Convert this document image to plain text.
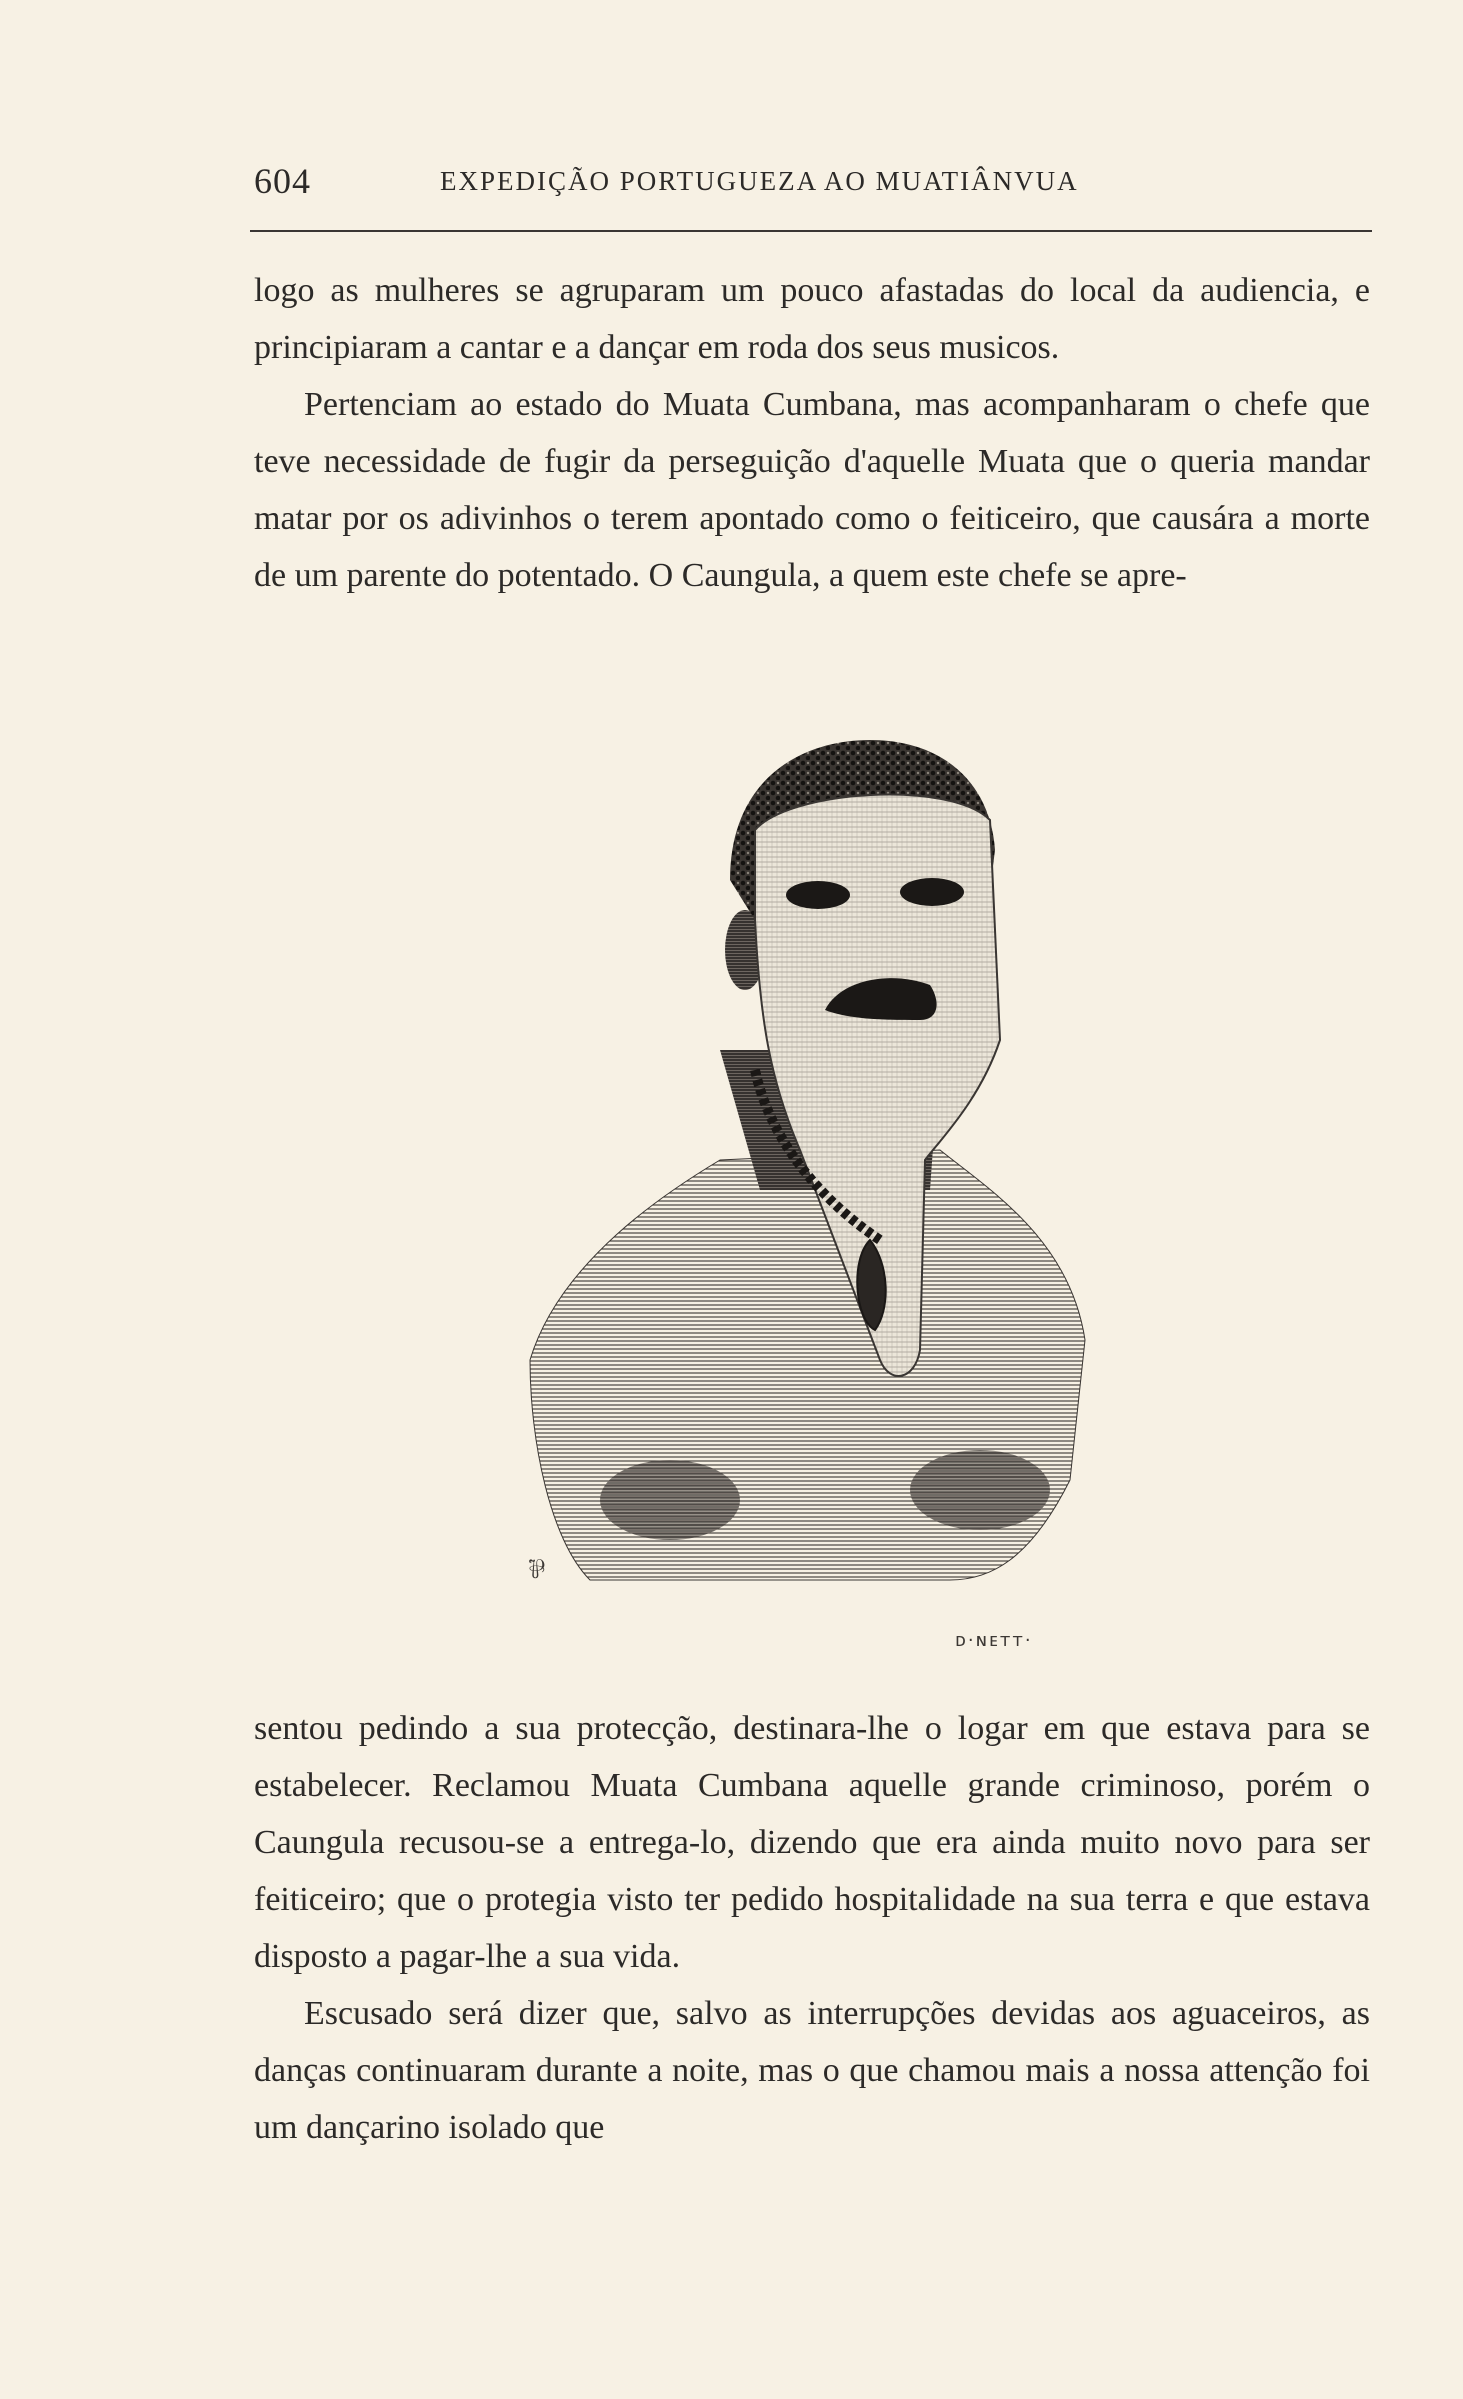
604	EXPEDIÇÃO PORTUGUEZA AO MUATIÂNVUA

logo as mulheres se agruparam um pouco afastadas do local da audiencia, e principiaram a cantar e a dançar em roda dos seus musicos.

Pertenciam ao estado do Muata Cumbana, mas acompanharam o chefe que teve necessidade de fugir da perseguição d'aquelle Muata que o queria mandar matar por os adivinhos o terem apontado como o feiticeiro, que causára a morte de um parente do potentado. O Caungula, a quem este chefe se apre-

⅌
ᴅ·ɴᴇᴛᴛ·

sentou pedindo a sua protecção, destinara-lhe o logar em que estava para se estabelecer. Reclamou Muata Cumbana aquelle grande criminoso, porém o Caungula recusou-se a entrega-lo, dizendo que era ainda muito novo para ser feiticeiro; que o protegia visto ter pedido hospitalidade na sua terra e que estava disposto a pagar-lhe a sua vida.

Escusado será dizer que, salvo as interrupções devidas aos aguaceiros, as danças continuaram durante a noite, mas o que chamou mais a nossa attenção foi um dançarino isolado que
